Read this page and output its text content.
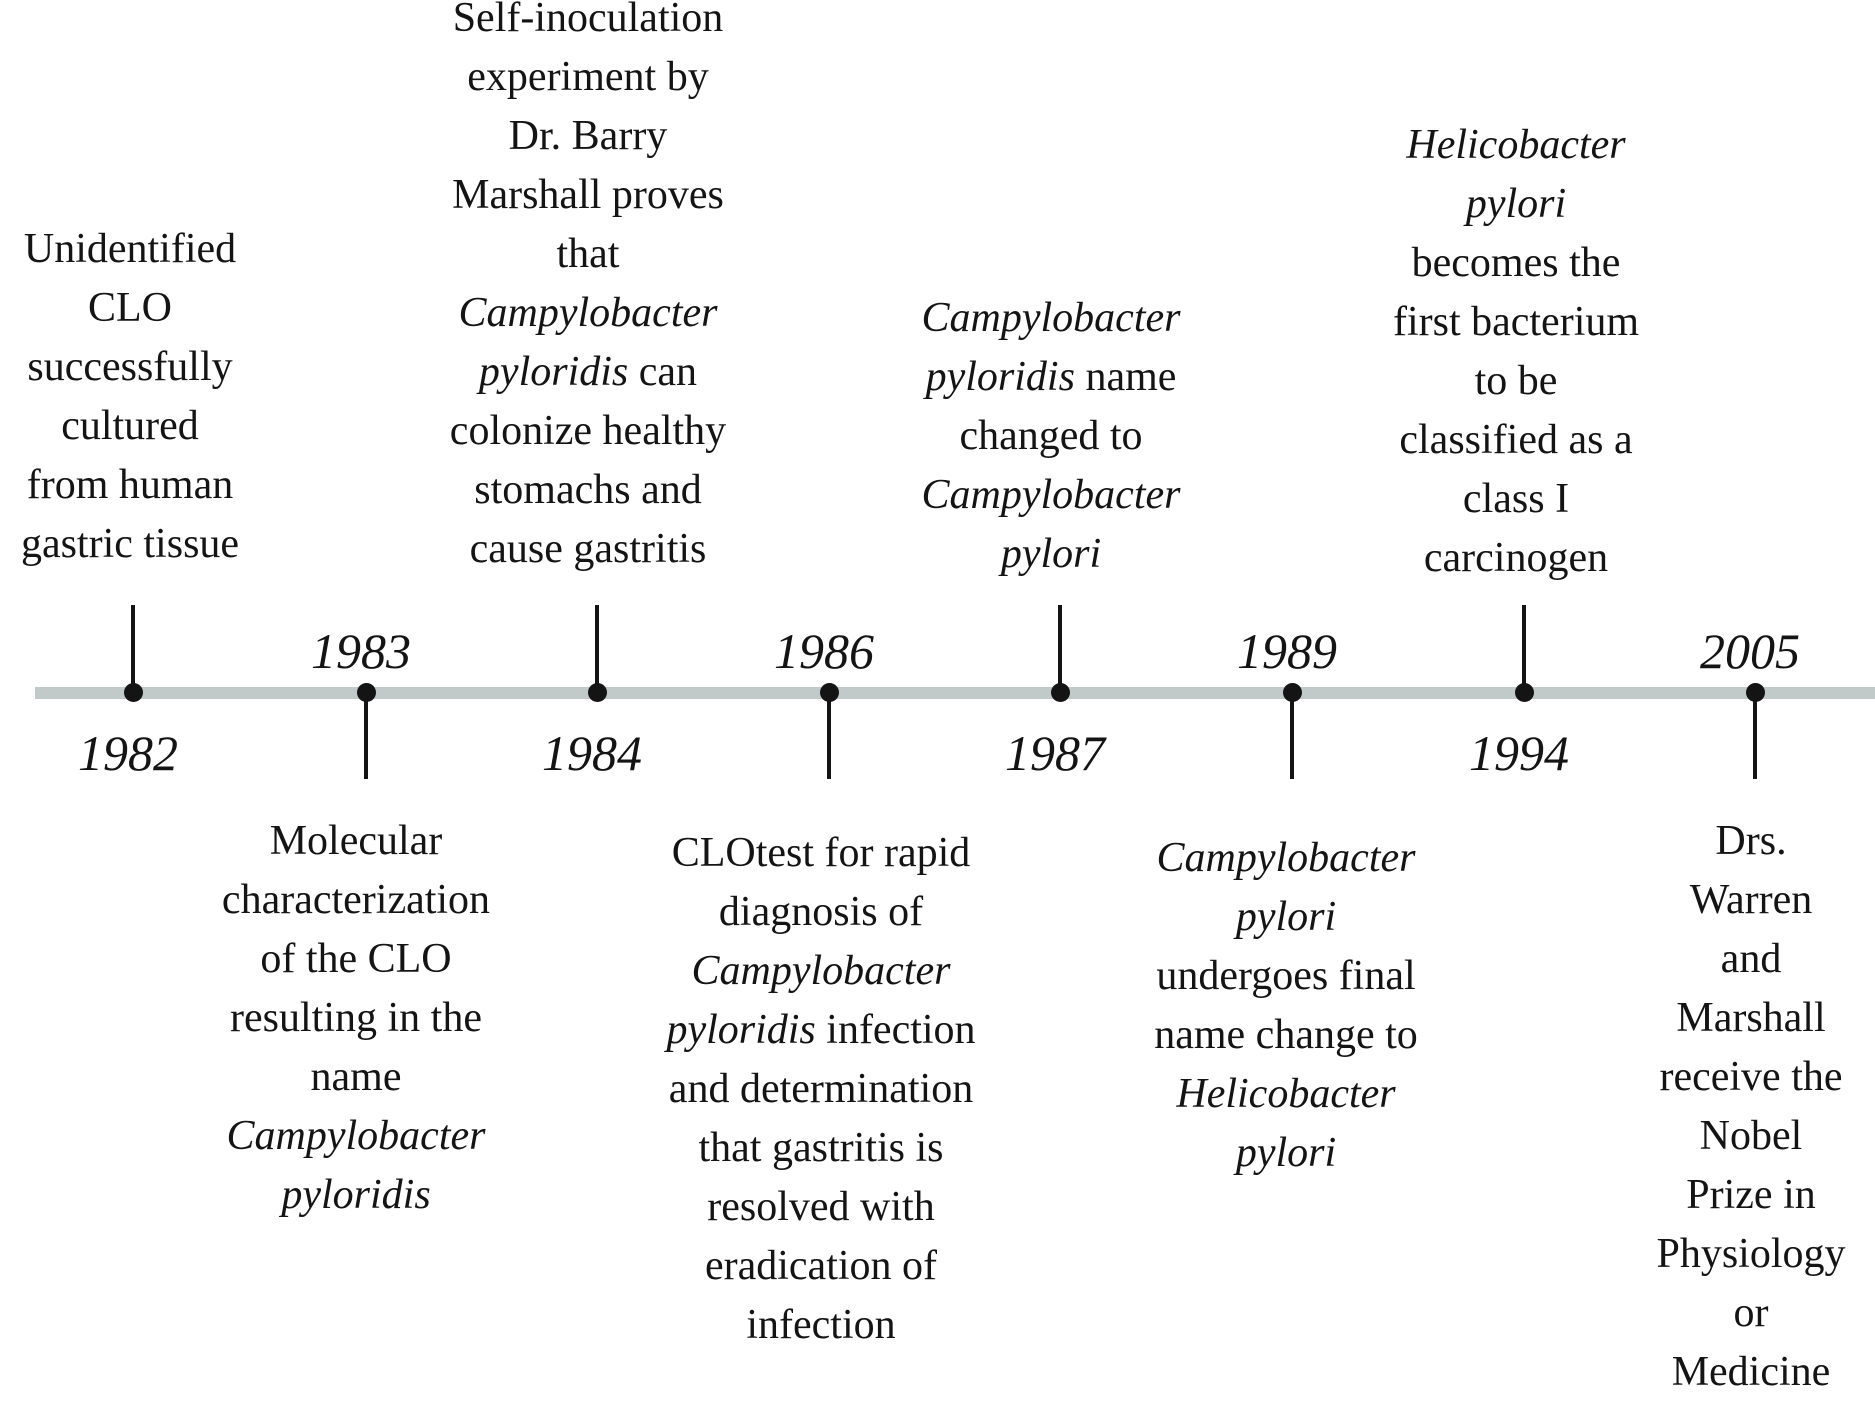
1982
Unidentified
CLO
successfully
cultured
from human
gastric tissue
1983
Molecular
characterization
of the CLO
resulting in the
name
Campylobacter
pyloridis
1984
Self-inoculation
experiment by
Dr. Barry
Marshall proves
that
Campylobacter
pyloridis can
colonize healthy
stomachs and
cause gastritis
1986
CLOtest for rapid
diagnosis of
Campylobacter
pyloridis infection
and determination
that gastritis is
resolved with
eradication of
infection
1987
Campylobacter
pyloridis name
changed to
Campylobacter
pylori
1989
Campylobacter
pylori
undergoes final
name change to
Helicobacter
pylori
1994
Helicobacter
pylori
becomes the
first bacterium
to be
classified as a
class I
carcinogen
2005
Drs.
Warren
and
Marshall
receive the
Nobel
Prize in
Physiology
or
Medicine
